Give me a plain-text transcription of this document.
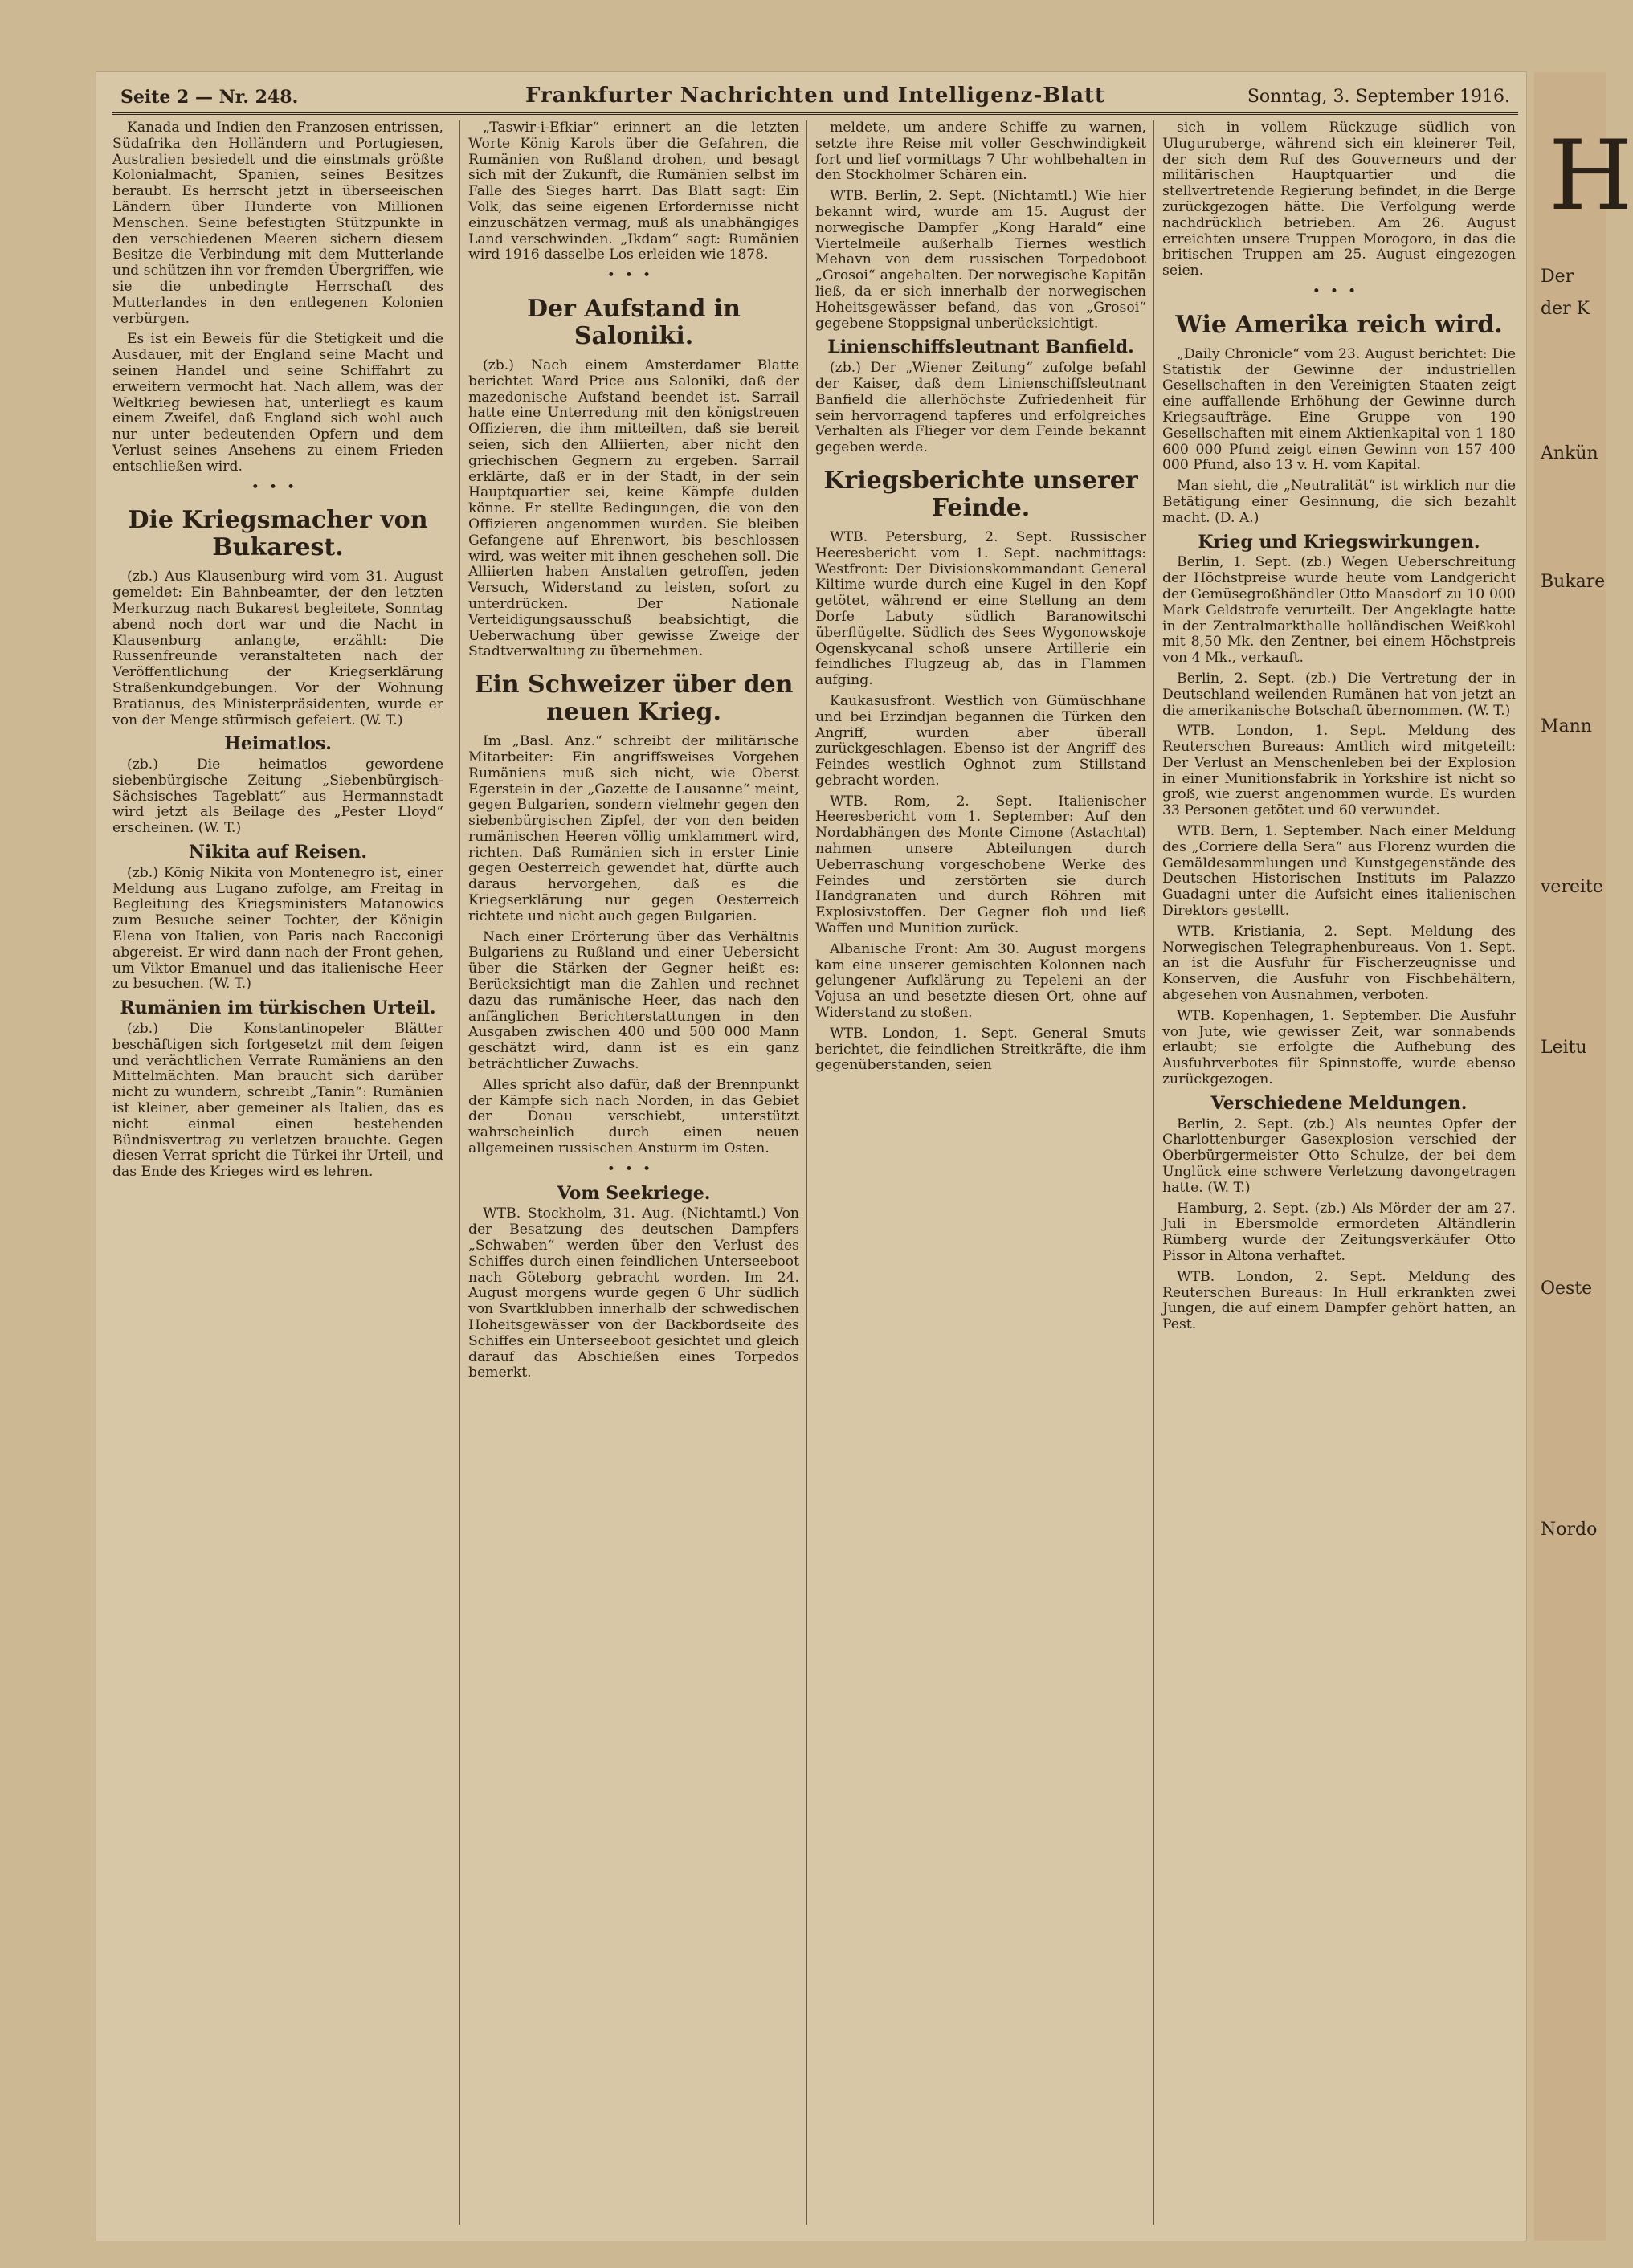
H
Der
der K
Ankün
Bukare
Mann
vereite
Leitu
Oeste
Nordo
Seite 2 — Nr. 248.	Frankfurter Nachrichten und Intelligenz-Blatt	Sonntag, 3. September 1916.

Kanada und Indien den Franzosen entrissen, Südafrika den Holländern und Portugiesen, Australien besiedelt und die einstmals größte Kolonialmacht, Spanien, seines Besitzes beraubt. Es herrscht jetzt in überseeischen Ländern über Hunderte von Millionen Menschen. Seine befestigten Stützpunkte in den verschiedenen Meeren sichern diesem Besitze die Verbindung mit dem Mutterlande und schützen ihn vor fremden Übergriffen, wie sie die unbedingte Herrschaft des Mutterlandes in den entlegenen Kolonien verbürgen.

Es ist ein Beweis für die Stetigkeit und die Ausdauer, mit der England seine Macht und seinen Handel und seine Schiffahrt zu erweitern vermocht hat. Nach allem, was der Weltkrieg bewiesen hat, unterliegt es kaum einem Zweifel, daß England sich wohl auch nur unter bedeutenden Opfern und dem Verlust seines Ansehens zu einem Frieden entschließen wird.

•••
Die Kriegsmacher von Bukarest.

(zb.) Aus Klausenburg wird vom 31. August gemeldet: Ein Bahnbeamter, der den letzten Merkurzug nach Bukarest begleitete, Sonntag abend noch dort war und die Nacht in Klausenburg anlangte, erzählt: Die Russenfreunde veranstalteten nach der Veröffentlichung der Kriegserklärung Straßenkundgebungen. Vor der Wohnung Bratianus, des Ministerpräsidenten, wurde er von der Menge stürmisch gefeiert. (W. T.)

Heimatlos.

(zb.) Die heimatlos gewordene siebenbürgische Zeitung „Siebenbürgisch-Sächsisches Tageblatt“ aus Hermannstadt wird jetzt als Beilage des „Pester Lloyd“ erscheinen. (W. T.)

Nikita auf Reisen.

(zb.) König Nikita von Montenegro ist, einer Meldung aus Lugano zufolge, am Freitag in Begleitung des Kriegsministers Matanowics zum Besuche seiner Tochter, der Königin Elena von Italien, von Paris nach Racconigi abgereist. Er wird dann nach der Front gehen, um Viktor Emanuel und das italienische Heer zu besuchen. (W. T.)

Rumänien im türkischen Urteil.

(zb.) Die Konstantinopeler Blätter beschäftigen sich fortgesetzt mit dem feigen und verächtlichen Verrate Rumäniens an den Mittelmächten. Man braucht sich darüber nicht zu wundern, schreibt „Tanin“: Rumänien ist kleiner, aber gemeiner als Italien, das es nicht einmal einen bestehenden Bündnisvertrag zu verletzen brauchte. Gegen diesen Verrat spricht die Türkei ihr Urteil, und das Ende des Krieges wird es lehren.

„Taswir-i-Efkiar“ erinnert an die letzten Worte König Karols über die Gefahren, die Rumänien von Rußland drohen, und besagt sich mit der Zukunft, die Rumänien selbst im Falle des Sieges harrt. Das Blatt sagt: Ein Volk, das seine eigenen Erfordernisse nicht einzuschätzen vermag, muß als unabhängiges Land verschwinden. „Ikdam“ sagt: Rumänien wird 1916 dasselbe Los erleiden wie 1878.

•••
Der Aufstand in Saloniki.

(zb.) Nach einem Amsterdamer Blatte berichtet Ward Price aus Saloniki, daß der mazedonische Aufstand beendet ist. Sarrail hatte eine Unterredung mit den königstreuen Offizieren, die ihm mitteilten, daß sie bereit seien, sich den Alliierten, aber nicht den griechischen Gegnern zu ergeben. Sarrail erklärte, daß er in der Stadt, in der sein Hauptquartier sei, keine Kämpfe dulden könne. Er stellte Bedingungen, die von den Offizieren angenommen wurden. Sie bleiben Gefangene auf Ehrenwort, bis beschlossen wird, was weiter mit ihnen geschehen soll. Die Alliierten haben Anstalten getroffen, jeden Versuch, Widerstand zu leisten, sofort zu unterdrücken. Der Nationale Verteidigungsausschuß beabsichtigt, die Ueberwachung über gewisse Zweige der Stadtverwaltung zu übernehmen.

Ein Schweizer über den neuen Krieg.

Im „Basl. Anz.“ schreibt der militärische Mitarbeiter: Ein angriffsweises Vorgehen Rumäniens muß sich nicht, wie Oberst Egerstein in der „Gazette de Lausanne“ meint, gegen Bulgarien, sondern vielmehr gegen den siebenbürgischen Zipfel, der von den beiden rumänischen Heeren völlig umklammert wird, richten. Daß Rumänien sich in erster Linie gegen Oesterreich gewendet hat, dürfte auch daraus hervorgehen, daß es die Kriegserklärung nur gegen Oesterreich richtete und nicht auch gegen Bulgarien.

Nach einer Erörterung über das Verhältnis Bulgariens zu Rußland und einer Uebersicht über die Stärken der Gegner heißt es: Berücksichtigt man die Zahlen und rechnet dazu das rumänische Heer, das nach den anfänglichen Berichterstattungen in den Ausgaben zwischen 400 und 500 000 Mann geschätzt wird, dann ist es ein ganz beträchtlicher Zuwachs.

Alles spricht also dafür, daß der Brennpunkt der Kämpfe sich nach Norden, in das Gebiet der Donau verschiebt, unterstützt wahrscheinlich durch einen neuen allgemeinen russischen Ansturm im Osten.

•••
Vom Seekriege.

WTB. Stockholm, 31. Aug. (Nichtamtl.) Von der Besatzung des deutschen Dampfers „Schwaben“ werden über den Verlust des Schiffes durch einen feindlichen Unterseeboot nach Göteborg gebracht worden. Im 24. August morgens wurde gegen 6 Uhr südlich von Svartklubben innerhalb der schwedischen Hoheitsgewässer von der Backbordseite des Schiffes ein Unterseeboot gesichtet und gleich darauf das Abschießen eines Torpedos bemerkt.

meldete, um andere Schiffe zu warnen, setzte ihre Reise mit voller Geschwindigkeit fort und lief vormittags 7 Uhr wohlbehalten in den Stockholmer Schären ein.

WTB. Berlin, 2. Sept. (Nichtamtl.) Wie hier bekannt wird, wurde am 15. August der norwegische Dampfer „Kong Harald“ eine Viertelmeile außerhalb Tiernes westlich Mehavn von dem russischen Torpedoboot „Grosoi“ angehalten. Der norwegische Kapitän ließ, da er sich innerhalb der norwegischen Hoheitsgewässer befand, das von „Grosoi“ gegebene Stoppsignal unberücksichtigt.

Linienschiffsleutnant Banfield.

(zb.) Der „Wiener Zeitung“ zufolge befahl der Kaiser, daß dem Linienschiffsleutnant Banfield die allerhöchste Zufriedenheit für sein hervorragend tapferes und erfolgreiches Verhalten als Flieger vor dem Feinde bekannt gegeben werde.

Kriegsberichte unserer Feinde.

WTB. Petersburg, 2. Sept. Russischer Heeresbericht vom 1. Sept. nachmittags: Westfront: Der Divisionskommandant General Kiltime wurde durch eine Kugel in den Kopf getötet, während er eine Stellung an dem Dorfe Labuty südlich Baranowitschi überflügelte. Südlich des Sees Wygonowskoje Ogenskycanal schoß unsere Artillerie ein feindliches Flugzeug ab, das in Flammen aufging.

Kaukasusfront. Westlich von Gümüschhane und bei Erzindjan begannen die Türken den Angriff, wurden aber überall zurückgeschlagen. Ebenso ist der Angriff des Feindes westlich Oghnot zum Stillstand gebracht worden.

WTB. Rom, 2. Sept. Italienischer Heeresbericht vom 1. September: Auf den Nordabhängen des Monte Cimone (Astachtal) nahmen unsere Abteilungen durch Ueberraschung vorgeschobene Werke des Feindes und zerstörten sie durch Handgranaten und durch Röhren mit Explosivstoffen. Der Gegner floh und ließ Waffen und Munition zurück.

Albanische Front: Am 30. August morgens kam eine unserer gemischten Kolonnen nach gelungener Aufklärung zu Tepeleni an der Vojusa an und besetzte diesen Ort, ohne auf Widerstand zu stoßen.

WTB. London, 1. Sept. General Smuts berichtet, die feindlichen Streitkräfte, die ihm gegenüberstanden, seien

sich in vollem Rückzuge südlich von Uluguruberge, während sich ein kleinerer Teil, der sich dem Ruf des Gouverneurs und der militärischen Hauptquartier und die stellvertretende Regierung befindet, in die Berge zurückgezogen hätte. Die Verfolgung werde nachdrücklich betrieben. Am 26. August erreichten unsere Truppen Morogoro, in das die britischen Truppen am 25. August eingezogen seien.

•••
Wie Amerika reich wird.

„Daily Chronicle“ vom 23. August berichtet: Die Statistik der Gewinne der industriellen Gesellschaften in den Vereinigten Staaten zeigt eine auffallende Erhöhung der Gewinne durch Kriegsaufträge. Eine Gruppe von 190 Gesellschaften mit einem Aktienkapital von 1 180 600 000 Pfund zeigt einen Gewinn von 157 400 000 Pfund, also 13 v. H. vom Kapital.

Man sieht, die „Neutralität“ ist wirklich nur die Betätigung einer Gesinnung, die sich bezahlt macht. (D. A.)

Krieg und Kriegswirkungen.

Berlin, 1. Sept. (zb.) Wegen Ueberschreitung der Höchstpreise wurde heute vom Landgericht der Gemüsegroßhändler Otto Maasdorf zu 10 000 Mark Geldstrafe verurteilt. Der Angeklagte hatte in der Zentralmarkthalle holländischen Weißkohl mit 8,50 Mk. den Zentner, bei einem Höchstpreis von 4 Mk., verkauft.

Berlin, 2. Sept. (zb.) Die Vertretung der in Deutschland weilenden Rumänen hat von jetzt an die amerikanische Botschaft übernommen. (W. T.)

WTB. London, 1. Sept. Meldung des Reuterschen Bureaus: Amtlich wird mitgeteilt: Der Verlust an Menschenleben bei der Explosion in einer Munitionsfabrik in Yorkshire ist nicht so groß, wie zuerst angenommen wurde. Es wurden 33 Personen getötet und 60 verwundet.

WTB. Bern, 1. September. Nach einer Meldung des „Corriere della Sera“ aus Florenz wurden die Gemäldesammlungen und Kunstgegenstände des Deutschen Historischen Instituts im Palazzo Guadagni unter die Aufsicht eines italienischen Direktors gestellt.

WTB. Kristiania, 2. Sept. Meldung des Norwegischen Telegraphenbureaus. Von 1. Sept. an ist die Ausfuhr für Fischerzeugnisse und Konserven, die Ausfuhr von Fischbehältern, abgesehen von Ausnahmen, verboten.

WTB. Kopenhagen, 1. September. Die Ausfuhr von Jute, wie gewisser Zeit, war sonnabends erlaubt; sie erfolgte die Aufhebung des Ausfuhrverbotes für Spinnstoffe, wurde ebenso zurückgezogen.

Verschiedene Meldungen.

Berlin, 2. Sept. (zb.) Als neuntes Opfer der Charlottenburger Gasexplosion verschied der Oberbürgermeister Otto Schulze, der bei dem Unglück eine schwere Verletzung davongetragen hatte. (W. T.)

Hamburg, 2. Sept. (zb.) Als Mörder der am 27. Juli in Ebersmolde ermordeten Altändlerin Rümberg wurde der Zeitungsverkäufer Otto Pissor in Altona verhaftet.

WTB. London, 2. Sept. Meldung des Reuterschen Bureaus: In Hull erkrankten zwei Jungen, die auf einem Dampfer gehört hatten, an Pest.
